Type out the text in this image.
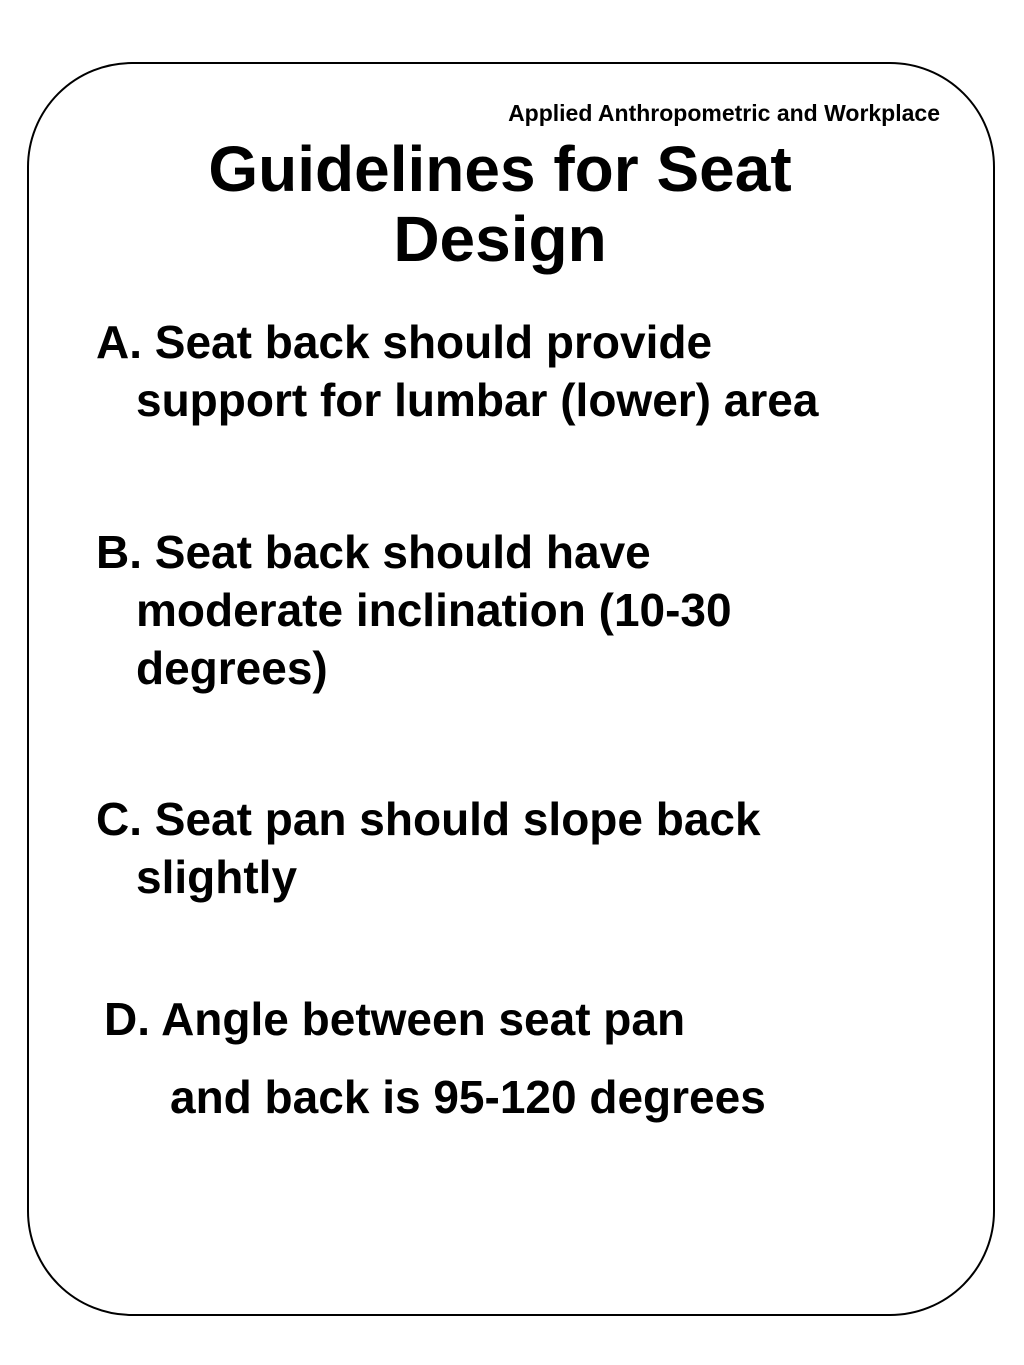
Applied Anthropometric and Workplace
Guidelines for Seat
Design

A. Seat back should provide
support for lumbar (lower) area

B. Seat back should have
moderate inclination (10-30
degrees)

C. Seat pan should slope back
slightly

D. Angle between seat pan
and back is 95-120 degrees
